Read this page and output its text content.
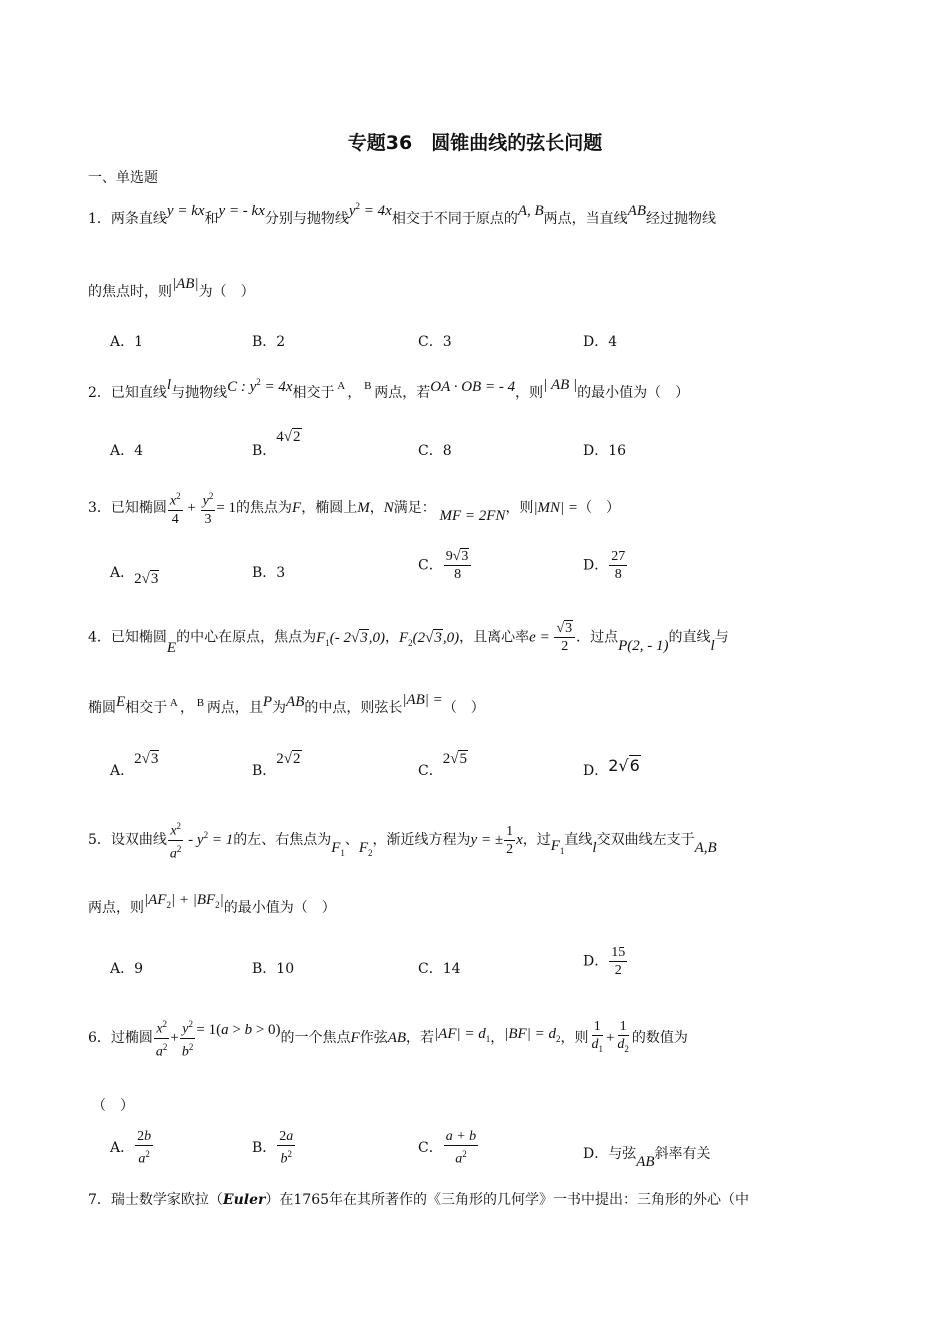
专题36　圆锥曲线的弦长问题
一、单选题
1．两条直线y = kx和y = - kx分别与抛物线$y^2 = 4x$相交于不同于原点的A, B两点，当直线AB经过抛物线
的焦点时，则|AB|为（　）
A．1	B．2	C．3	D．4
2．已知直线l与抛物线C : $y^2 = 4x$相交于 $^A$ ， $^B$ 两点，若OA · OB = - 4，则| AB |的最小值为（　）
A．4	B．4√2
C．8	D．16
3．已知椭圆 $\frac{x^2}{4} + \frac{y^2}{3} = 1$的焦点为F，椭圆上M，N满足： MF = 2FN，则|MN| =（　）
A．2√3	B．3	C． $\frac{9√3}{8}$	D． $\frac{27}{8}$
4．已知椭圆E的中心在原点，焦点为$F_1(-$ 2√3,0)，$F_2(2√3,0)$，且离心率$e = \frac{√3}{2}$ ．过点P(2, - 1)的直线l与
椭圆E相交于 $^A$ ， $^B$ 两点，且P为AB的中点，则弦长|AB| =（　）
A．2√3
B．2√2
C．2√5
D．2√6
5．设双曲线 $\frac{x^2}{a^2} - y^2 = 1$的左、右焦点为$F_1$、$F_2$，渐近线方程为y = ± $\frac{1}{2}$ x，过$F_1$直线l交双曲线左支于A,B
两点，则$|AF_2| + |BF_2|$的最小值为（　）
A．9	B．10	C．14	D． $\frac{15}{2}$
6．过椭圆 $\frac{x^2}{a^2} + \frac{y^2}{b^2} = 1(a > b > 0)$的一个焦点F作弦AB，若$|AF| = d_1$，$|BF| = d_2$，则 $\frac{1}{d_1} + \frac{1}{d_2}$ 的数值为
（　）
A． $\frac{2b}{a^2}$	B． $\frac{2a}{b^2}$	C． $\frac{a + b}{a^2}$	D．与弦AB斜率有关
7．瑞士数学家欧拉（Euler）在1765年在其所著作的《三角形的几何学》一书中提出：三角形的外心（中
